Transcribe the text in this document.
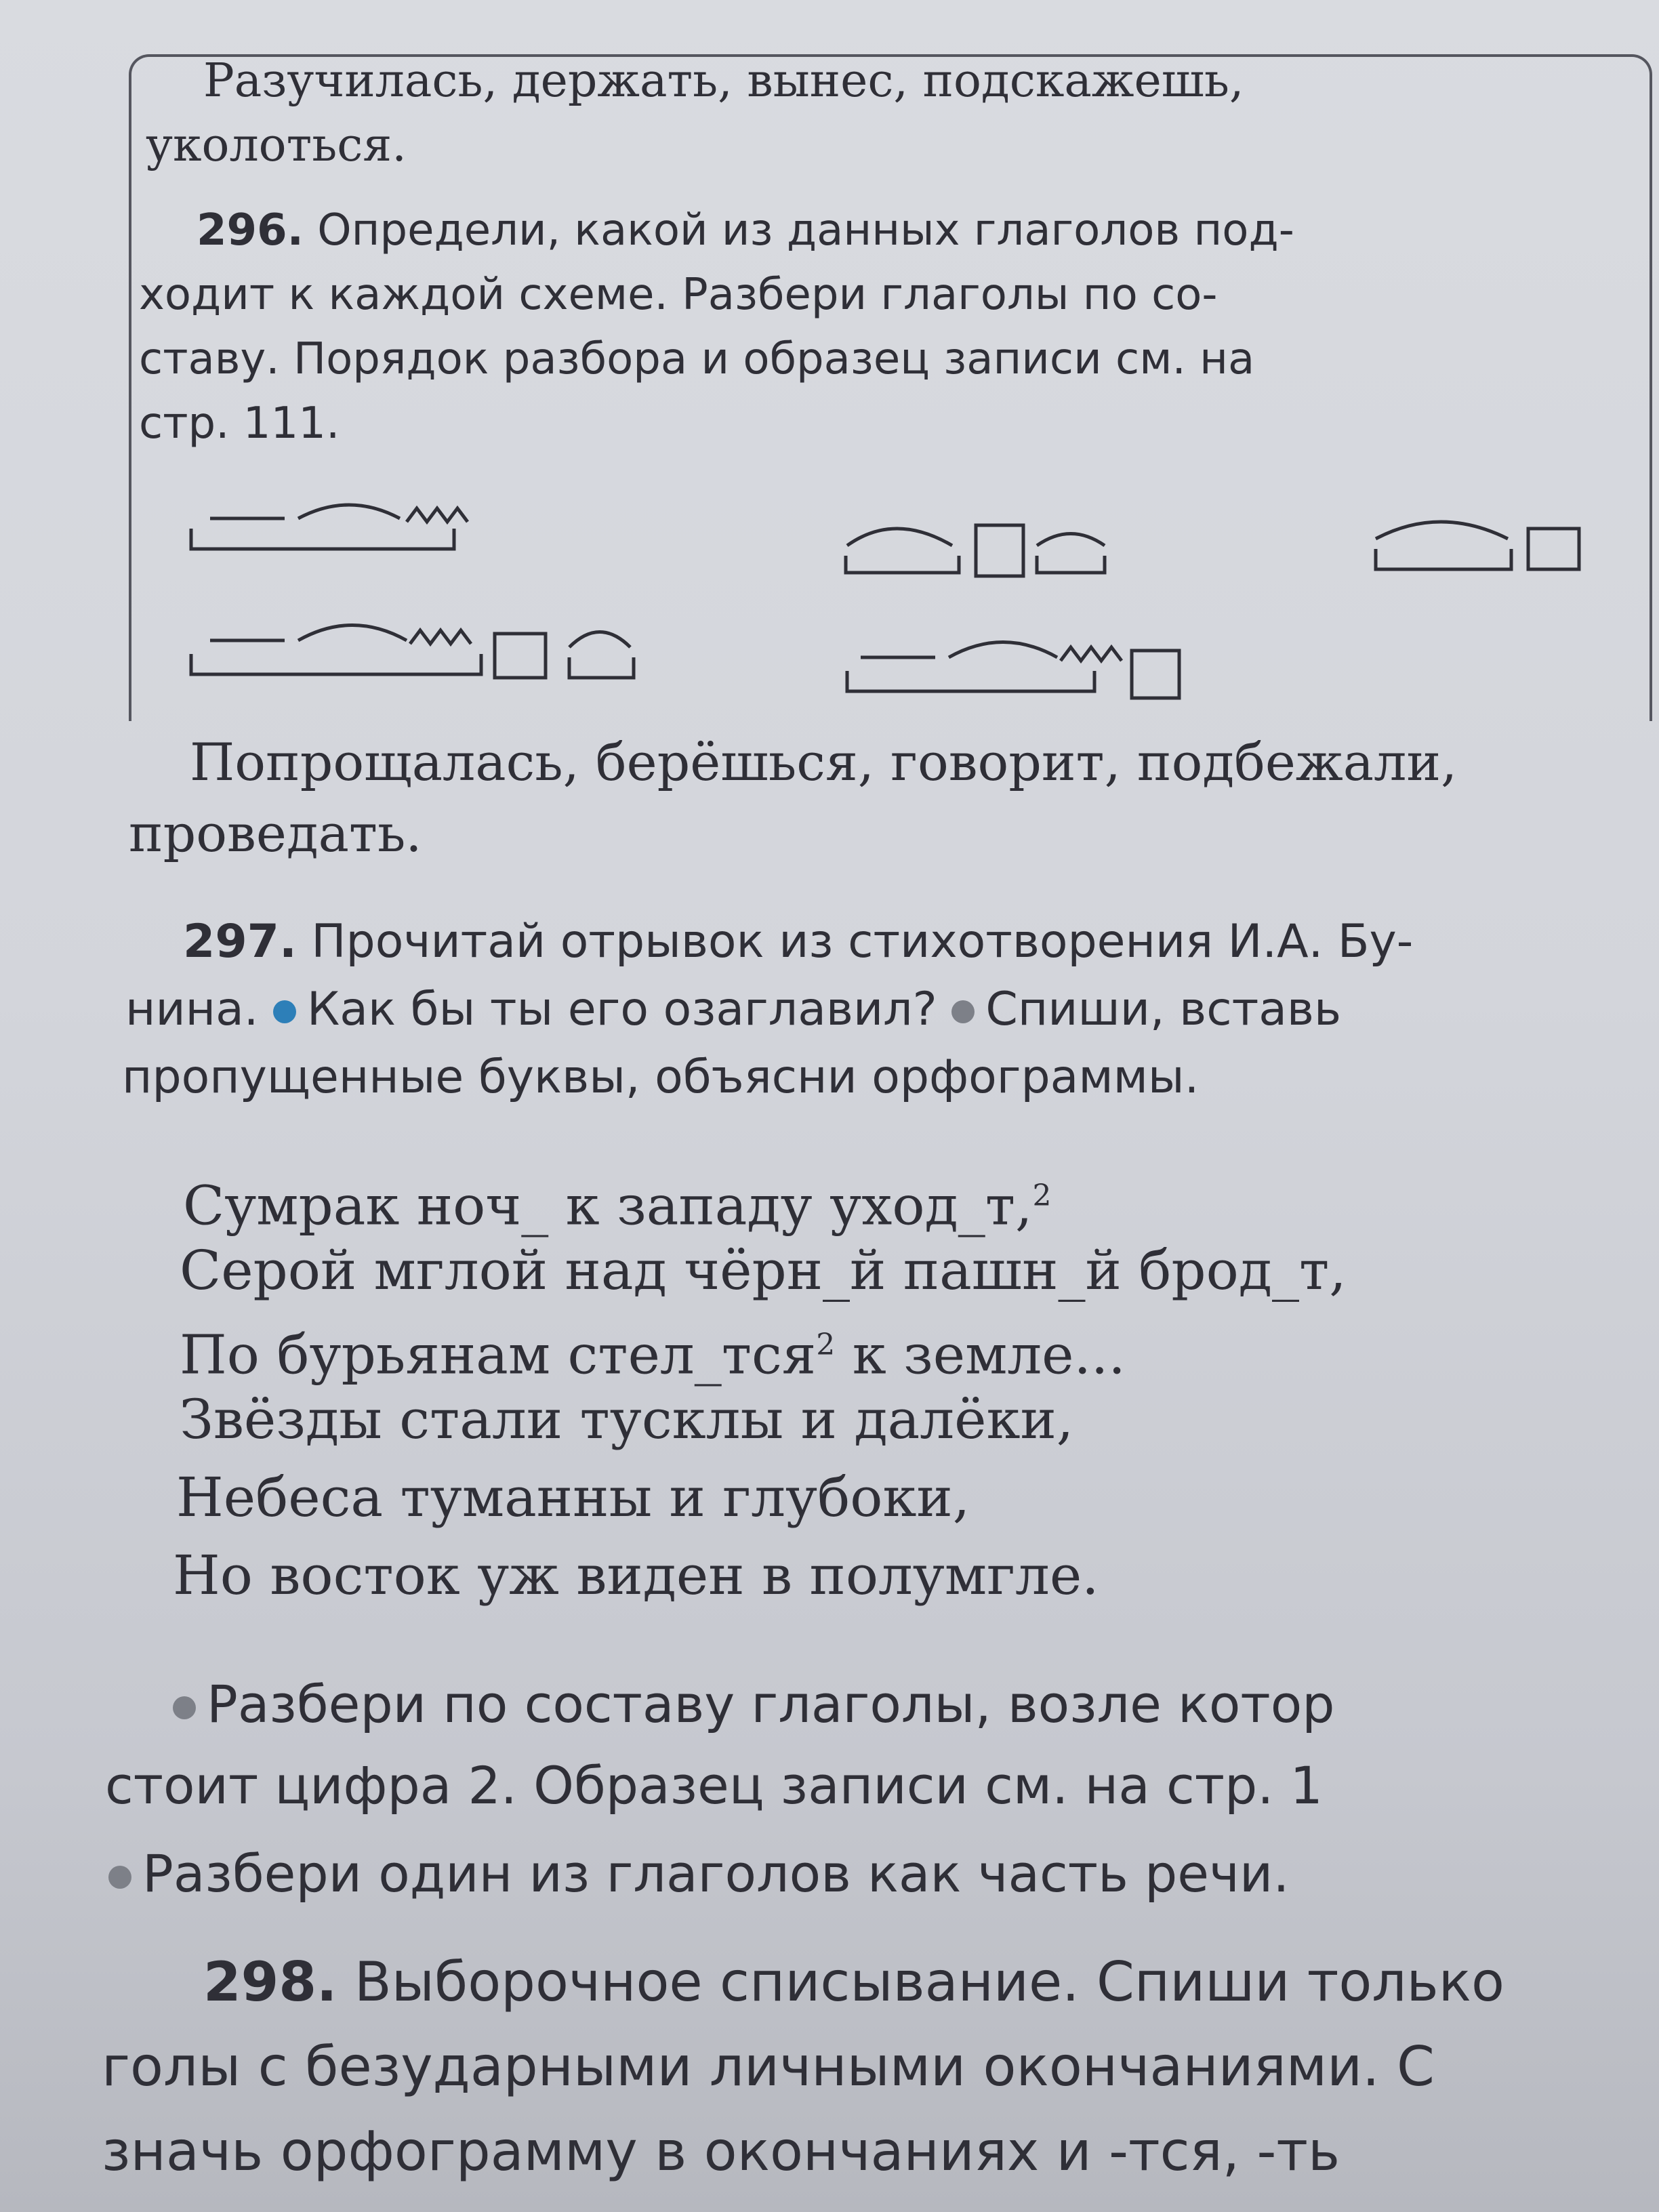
Разучилась, держать, вынес, подскажешь,
уколоться.
296. Определи, какой из данных глаголов под-
ходит к каждой схеме. Разбери глаголы по со-
ставу. Порядок разбора и образец записи см. на
стр. 111.
Попрощалась, берёшься, говорит, подбежали,
проведать.
297. Прочитай отрывок из стихотворения И.А. Бу-
нина. Как бы ты его озаглавил? Спиши, вставь
пропущенные буквы, объясни орфограммы.
Сумрак ноч_ к западу уход_т,$^2$
Серой мглой над чёрн_й пашн_й брод_т,
По бурьянам стел_тся$^2$ к земле...
Звёзды стали тусклы и далёки,
Небеса туманны и глубоки,
Но восток уж виден в полумгле.
Разбери по составу глаголы, возле котор
стоит цифра 2. Образец записи см. на стр. 1
Разбери один из глаголов как часть речи.
298. Выборочное списывание. Спиши только
голы с безударными личными окончаниями. С
значь орфограмму в окончаниях и -тся, -ть
